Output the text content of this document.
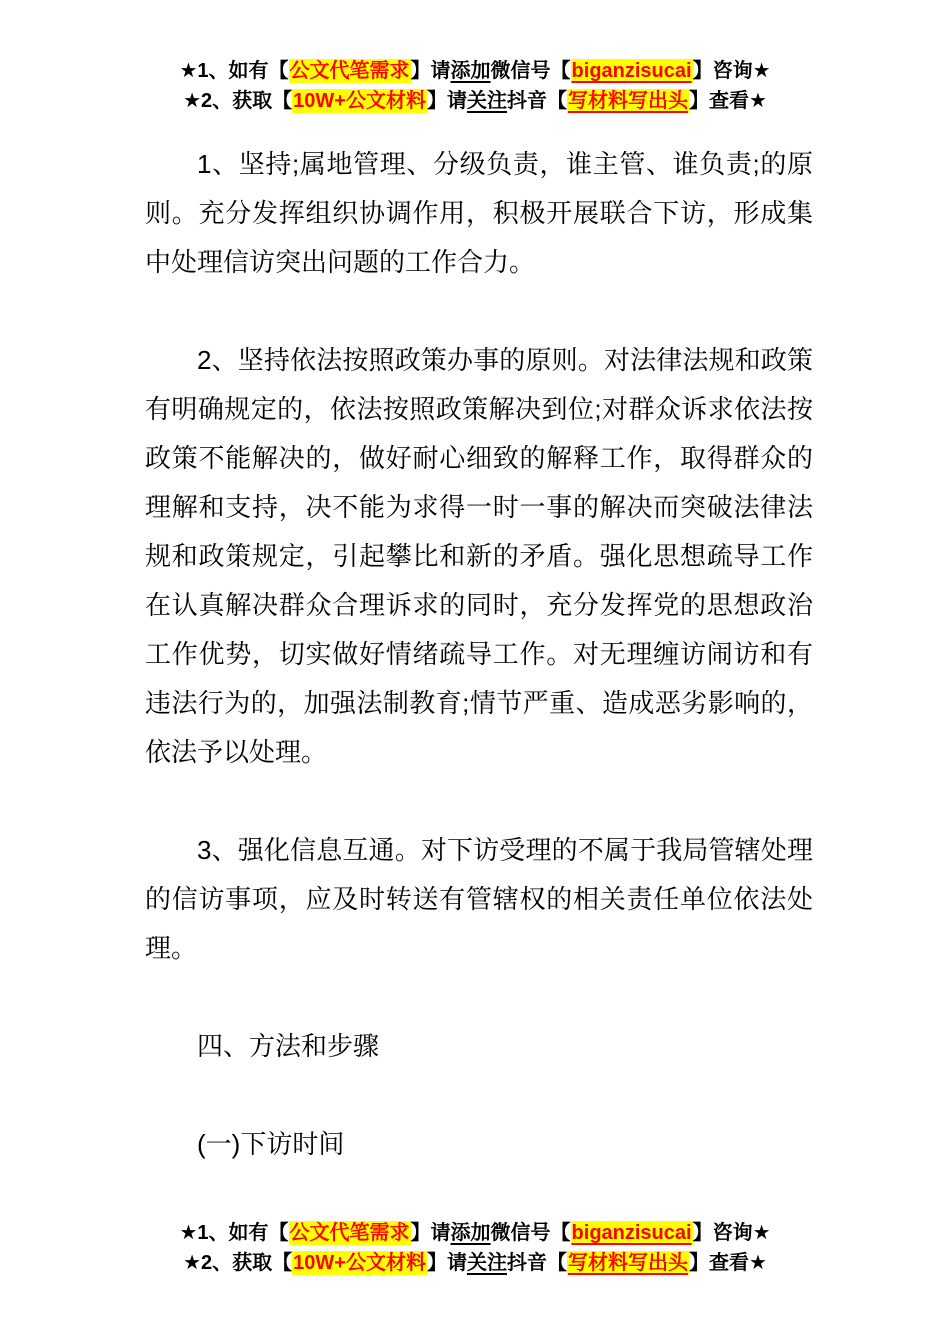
★1、如有【公文代笔需求】请添加微信号【biganzisucai】咨询★
★2、获取【10W+公文材料】请关注抖音【写材料写出头】查看★

1、坚持;属地管理、分级负责，谁主管、谁负责;的原则。充分发挥组织协调作用，积极开展联合下访，形成集中处理信访突出问题的工作合力。

2、坚持依法按照政策办事的原则。对法律法规和政策有明确规定的，依法按照政策解决到位;对群众诉求依法按政策不能解决的，做好耐心细致的解释工作，取得群众的理解和支持，决不能为求得一时一事的解决而突破法律法规和政策规定，引起攀比和新的矛盾。强化思想疏导工作在认真解决群众合理诉求的同时，充分发挥党的思想政治工作优势，切实做好情绪疏导工作。对无理缠访闹访和有违法行为的，加强法制教育;情节严重、造成恶劣影响的，依法予以处理。

3、强化信息互通。对下访受理的不属于我局管辖处理的信访事项，应及时转送有管辖权的相关责任单位依法处理。

四、方法和步骤

(一)下访时间

★1、如有【公文代笔需求】请添加微信号【biganzisucai】咨询★
★2、获取【10W+公文材料】请关注抖音【写材料写出头】查看★
